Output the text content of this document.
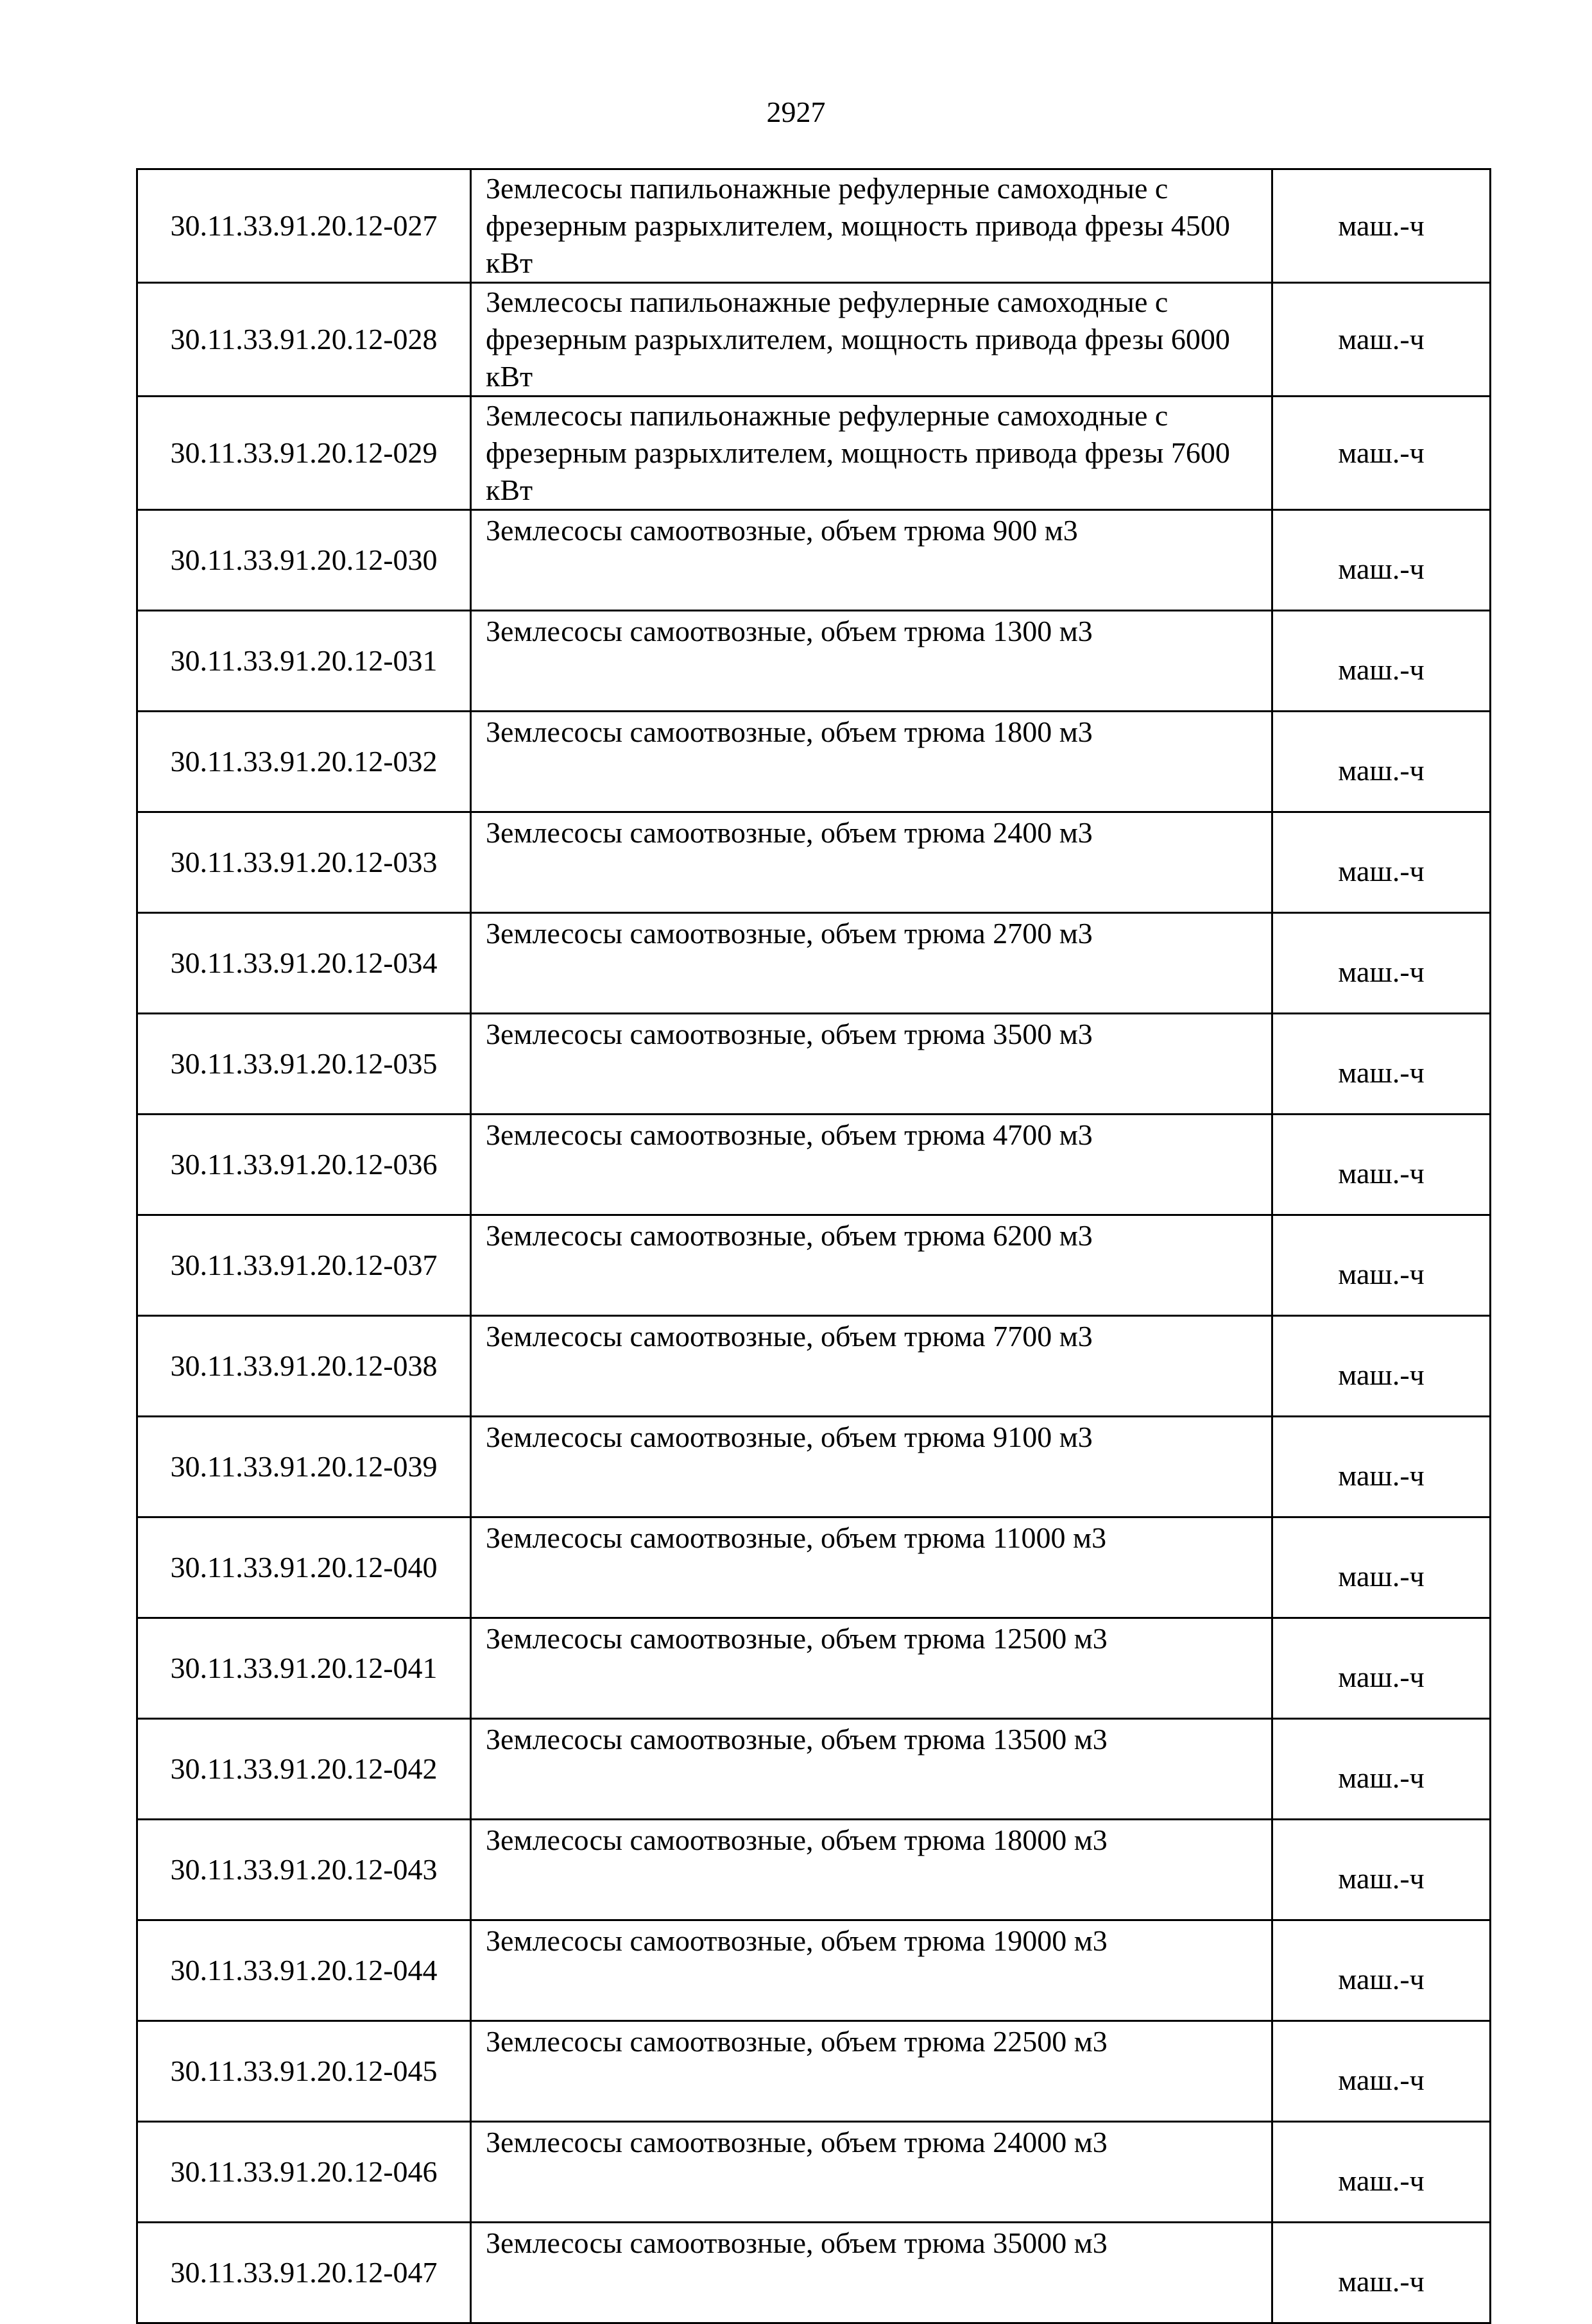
2927
30.11.33.91.20.12-027	Землесосы папильонажные рефулерные самоходные с фрезерным разрыхлителем, мощность привода фрезы 4500 кВт	маш.-ч
30.11.33.91.20.12-028	Землесосы папильонажные рефулерные самоходные с фрезерным разрыхлителем, мощность привода фрезы 6000 кВт	маш.-ч
30.11.33.91.20.12-029	Землесосы папильонажные рефулерные самоходные с фрезерным разрыхлителем, мощность привода фрезы 7600 кВт	маш.-ч
30.11.33.91.20.12-030	Землесосы самоотвозные, объем трюма 900 м3	маш.-ч
30.11.33.91.20.12-031	Землесосы самоотвозные, объем трюма 1300 м3	маш.-ч
30.11.33.91.20.12-032	Землесосы самоотвозные, объем трюма 1800 м3	маш.-ч
30.11.33.91.20.12-033	Землесосы самоотвозные, объем трюма 2400 м3	маш.-ч
30.11.33.91.20.12-034	Землесосы самоотвозные, объем трюма 2700 м3	маш.-ч
30.11.33.91.20.12-035	Землесосы самоотвозные, объем трюма 3500 м3	маш.-ч
30.11.33.91.20.12-036	Землесосы самоотвозные, объем трюма 4700 м3	маш.-ч
30.11.33.91.20.12-037	Землесосы самоотвозные, объем трюма 6200 м3	маш.-ч
30.11.33.91.20.12-038	Землесосы самоотвозные, объем трюма 7700 м3	маш.-ч
30.11.33.91.20.12-039	Землесосы самоотвозные, объем трюма 9100 м3	маш.-ч
30.11.33.91.20.12-040	Землесосы самоотвозные, объем трюма 11000 м3	маш.-ч
30.11.33.91.20.12-041	Землесосы самоотвозные, объем трюма 12500 м3	маш.-ч
30.11.33.91.20.12-042	Землесосы самоотвозные, объем трюма 13500 м3	маш.-ч
30.11.33.91.20.12-043	Землесосы самоотвозные, объем трюма 18000 м3	маш.-ч
30.11.33.91.20.12-044	Землесосы самоотвозные, объем трюма 19000 м3	маш.-ч
30.11.33.91.20.12-045	Землесосы самоотвозные, объем трюма 22500 м3	маш.-ч
30.11.33.91.20.12-046	Землесосы самоотвозные, объем трюма 24000 м3	маш.-ч
30.11.33.91.20.12-047	Землесосы самоотвозные, объем трюма 35000 м3	маш.-ч
